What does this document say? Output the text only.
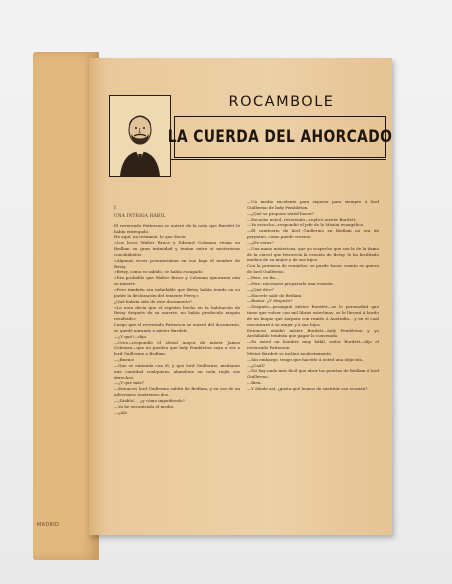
MADRID
ROCAMBOLE
LA CUERDA DEL AHORCADO
I
UNA INTRIGA HÁBIL

El reverendo Patterson se enteró de la nota que Burdett le había entregado.

He aquí, en resumen, lo que decía:

«Los locos Walter Bruce y Edward Coleman vivían en Bedlam en gran intimidad y tenían entre sí misteriosas conciliábulos.

»Algunas veces pronunciaban en voz baja el nombre de Betzy.

»Betzy, como es sabido, se había escapado.

»Era probable que Walter Bruce y Coleman ignorasen aún su muerte.

»Pero también era indudable que Betzy había tenido en su poder la declaración del teniente Percy.»

¿Qué habría sido de este documento?

«La nota decía que el registro hecho en la habitación de Betzy después de su muerte, no había producido ningún resultado»

Luego que el reverendo Patterson se enteró del documento, se quedó mirando a míster Burdett.

—¿Y qué?—dijo.

—Creo—respondió el oficial mayor de míster James Coleman—que no pueden que lady Pembleton vaya a ver a lord Guillermo a Bedlam.

—¡Bueno!

—Que se entienda con él, y que lord Guillermo, mediante una cantidad cualquiera, abandone en toda regla sus derechos.

—¿Y qué más?

—Entonces lord Guillermo saldrá de Bedlam, y en vez de un adversario tendremos dos.

—¡Diablo!... ¿y cómo impedírselo?

—Ya he encontrado el medio.

—¿Ah!

—Un medio excelente para separar para siempre á lord Guillermo de lady Pembleton.

—¿Qué se propone usted hacer?

—Escuche usted, reverendo—replicó míster Burdett.

—Ya escucho—respondió el jefe de la Misión evangélica.

—El cautiverio de lord Guillermo en Bedlam no era de perpetuo, como puede creerse.

—¿De veras?

—Una mano misteriosa, que yo sospecho que sea la de la dama de la cárcel que favorecía la evasión de Betzy, le ha facilitado medios de su mujer y de sus hijos.

Con la promesa de reunirlos, se puede hacer cuanto se quiera de lord Guillermo.

—Pero, en fin...

—Pero, necesario prepararle una evasión.

—¿Qué dice?

—Hacerle salir de Bedlam.

—Bueno: ¿Y después?

—Después—prosiguió míster Burdett—se le persuadirá que tiene que volver con mil libras esterlinas, se le llevará á bordo de un buque que zarpara con rumbo á Australia... y en el cual encontrará á su mujer y á sus hijos.

Entonces añadió míster Burdett—lady Pembleton y yo Archibaldo tendrán que pagar lo convenido.

—Es usted un hombre muy hábil, señor Burdett—dijo el reverendo Patterson.

Míster Burdett se inclinó modestamente.

—Sin embargo, tengo que hacerle á usted una objeción.

—¿Cuál?

—No hay nada más fácil que abrir las puertas de Bedlam á lord Guillermo.

—Bien.

—Y dónde así, ¿gusta qué hemos de sustituir esa evasión?
